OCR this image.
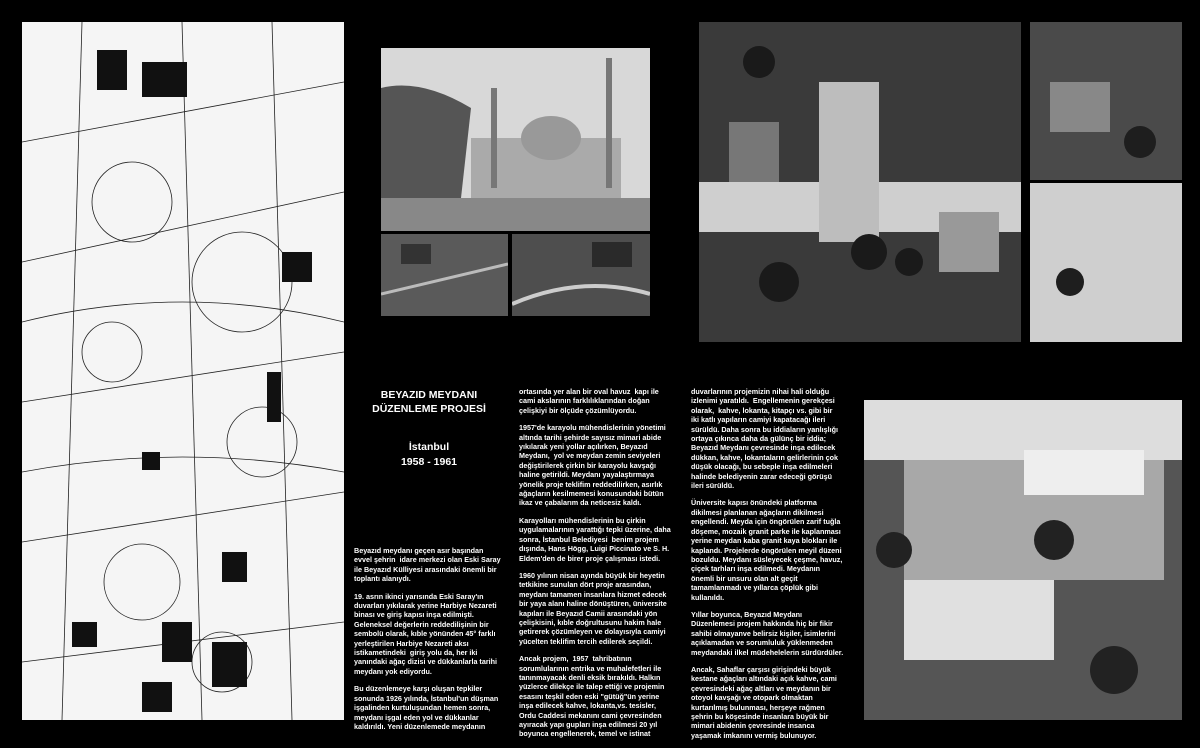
BEYAZID MEYDANI
DÜZENLEME PROJESİ
İstanbul
1958 - 1961

Beyazıd meydanı geçen asır başından
evvel şehrin  idare merkezi olan Eski Saray
ile Beyazıd Külliyesi arasındaki önemli bir
toplantı alanıydı.

19. asrın ikinci yarısında Eski Saray'ın
duvarları yıkılarak yerine Harbiye Nezareti
binası ve giriş kapısı inşa edilmişti.
Geleneksel değerlerin reddedilişinin bir
sembolü olarak, kıble yönünden 45° farklı
yerleştirilen Harbiye Nezareti aksı
istikametindeki  giriş yolu da, her iki
yanındaki ağaç dizisi ve dükkanlarla tarihi
meydanı yok ediyordu.

Bu düzenlemeye karşı oluşan tepkiler
sonunda 1926 yılında, İstanbul'un düşman
işgalinden kurtuluşundan hemen sonra,
meydanı işgal eden yol ve dükkanlar
kaldırıldı. Yeni düzenlemede meydanın

ortasında yer alan bir oval havuz  kapı ile
cami akslarının farklılıklarından doğan
çelişkiyi bir ölçüde çözümlüyordu.

1957'de karayolu mühendislerinin yönetimi
altında tarihi şehirde sayısız mimari abide
yıkılarak yeni yollar açılırken, Beyazıd
Meydanı,  yol ve meydan zemin seviyeleri
değiştirilerek çirkin bir karayolu kavşağı
haline getirildi. Meydanı yayalaştırmaya
yönelik proje teklifim reddedilirken, asırlık
ağaçların kesilmemesi konusundaki bütün
ikaz ve çabalarım da neticesiz kaldı.

Karayolları mühendislerinin bu çirkin
uygulamalarının yarattığı tepki üzerine, daha
sonra, İstanbul Belediyesi  benim projem
dışında, Hans Högg, Luigi Piccinato ve S. H.
Eldem'den de birer proje çalışması istedi.

1960 yılının nisan ayında büyük bir heyetin
tetkikine sunulan dört proje arasından,
meydanı tamamen insanlara hizmet edecek
bir yaya alanı haline dönüştüren, üniversite
kapıları ile Beyazıd Camii arasındaki yön
çelişkisini, kıble doğrultusunu hakim hale
getirerek çözümleyen ve dolayısıyla camiyi
yücelten teklifim tercih edilerek seçildi.

Ancak projem,  1957  tahribatının
sorumlularının entrika ve muhalefetleri ile
tanınmayacak denli eksik bırakıldı. Halkın
yüzlerce dilekçe ile talep ettiği ve projemin
esasını teşkil eden eski "gütüğ"ün yerine
inşa edilecek kahve, lokanta,vs. tesisler,
Ordu Caddesi mekanını cami çevresinden
ayıracak yapı gupları inşa edilmesi 20 yıl
boyunca engellenerek, temel ve istinat

duvarlarının projemizin nihai hali olduğu
izlenimi yaratıldı.  Engellemenin gerekçesi
olarak,  kahve, lokanta, kitapçı vs. gibi bir
iki katlı yapıların camiyi kapatacağı ileri
sürüldü. Daha sonra bu iddiaların yanlışlığı
ortaya çıkınca daha da gülünç bir iddia;
Beyazıd Meydanı çevresinde inşa edilecek
dükkan, kahve, lokantaların gelirlerinin çok
düşük olacağı, bu sebeple inşa edilmeleri
halinde belediyenin zarar edeceği görüşü
ileri sürüldü.

Üniversite kapısı önündeki platforma
dikilmesi planlanan ağaçların dikilmesi
engellendi. Meyda için öngörülen zarif tuğla
döşeme, mozaik granit parke ile kaplanması
yerine meydan kaba granit kaya blokları ile
kaplandı. Projelerde öngörülen meyil düzeni
bozuldu. Meydanı süsleyecek çeşme, havuz,
çiçek tarhları inşa edilmedi. Meydanın
önemli bir unsuru olan alt geçit
tamamlanmadı ve yıllarca çöplük gibi
kullanıldı.

Yıllar boyunca, Beyazıd Meydanı
Düzenlemesi projem hakkında hiç bir fikir
sahibi olmayanve belirsiz kişiler, isimlerini
açıklamadan ve sorumluluk yüklenmeden
meydandaki ilkel müdehelelerin sürdürdüler.

Ancak, Sahaflar çarşısı girişindeki büyük
kestane ağaçları altındaki açık kahve, cami
çevresindeki ağaç altları ve meydanın bir
otoyol kavşağı ve otopark olmaktan
kurtarılmış bulunması, herşeye rağmen
şehrin bu köşesinde insanlara büyük bir
mimari abidenin çevresinde insanca
yaşamak imkanını vermiş bulunuyor.
